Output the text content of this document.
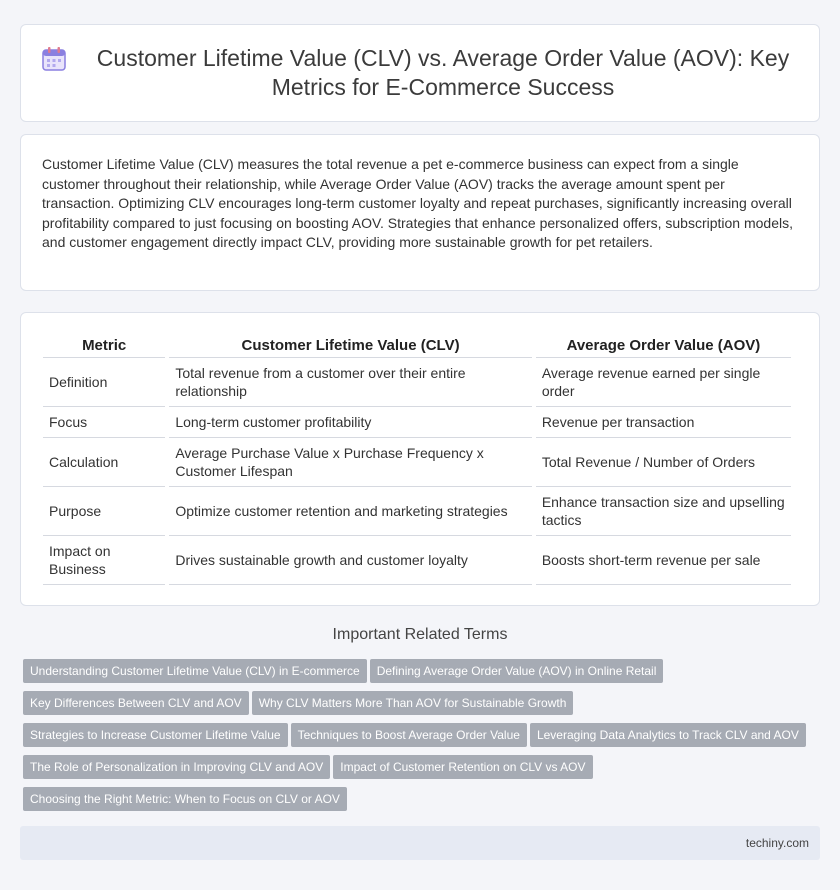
Customer Lifetime Value (CLV) vs. Average Order Value (AOV): Key Metrics for E-Commerce Success

Customer Lifetime Value (CLV) measures the total revenue a pet e-commerce business can expect from a single customer throughout their relationship, while Average Order Value (AOV) tracks the average amount spent per transaction. Optimizing CLV encourages long-term customer loyalty and repeat purchases, significantly increasing overall profitability compared to just focusing on boosting AOV. Strategies that enhance personalized offers, subscription models, and customer engagement directly impact CLV, providing more sustainable growth for pet retailers.

Metric	Customer Lifetime Value (CLV)	Average Order Value (AOV)
Definition	Total revenue from a customer over their entire relationship	Average revenue earned per single order
Focus	Long-term customer profitability	Revenue per transaction
Calculation	Average Purchase Value x Purchase Frequency x Customer Lifespan	Total Revenue / Number of Orders
Purpose	Optimize customer retention and marketing strategies	Enhance transaction size and upselling tactics
Impact on Business	Drives sustainable growth and customer loyalty	Boosts short-term revenue per sale
Important Related Terms
Understanding Customer Lifetime Value (CLV) in E-commerce Defining Average Order Value (AOV) in Online Retail
Key Differences Between CLV and AOV Why CLV Matters More Than AOV for Sustainable Growth
Strategies to Increase Customer Lifetime Value Techniques to Boost Average Order Value Leveraging Data Analytics to Track CLV and AOV
The Role of Personalization in Improving CLV and AOV Impact of Customer Retention on CLV vs AOV
Choosing the Right Metric: When to Focus on CLV or AOV
techiny.com
